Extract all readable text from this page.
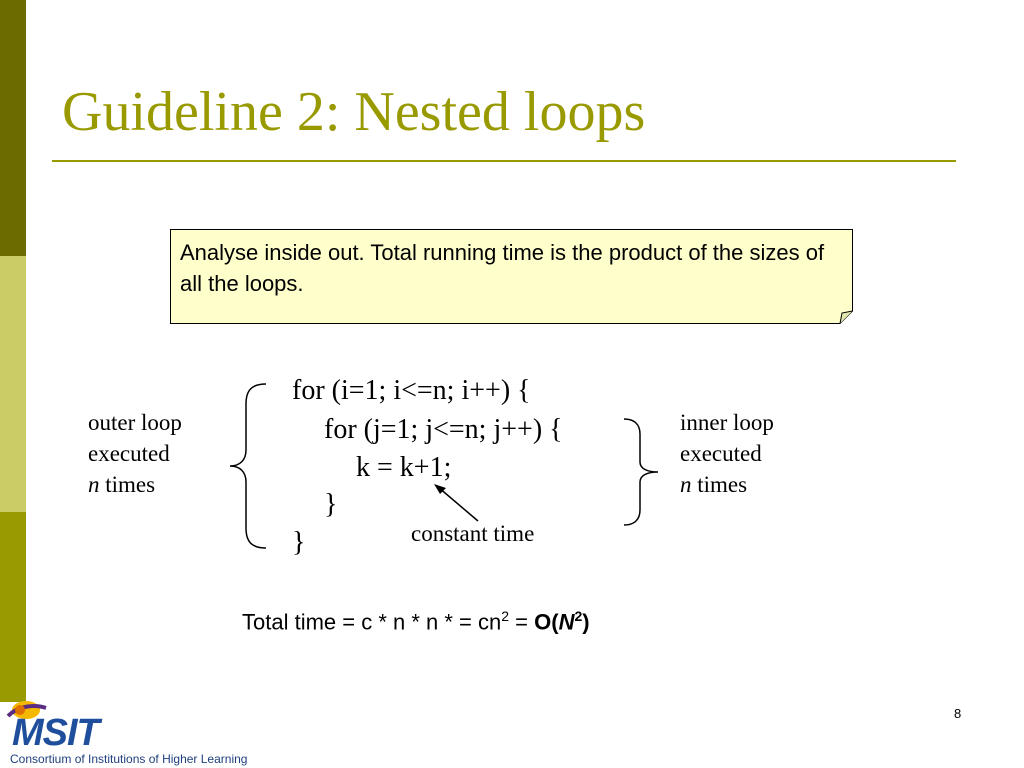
Guideline 2: Nested loops
Analyse inside out. Total running time is the product of the sizes of all the loops.
for (i=1; i<=n; i++) {
for (j=1; j<=n; j++) {
k = k+1;
}
}
outer loop
executed
n times
inner loop
executed
n times
constant time
Total time = c * n * n * = $cn^2 = O(N^2)$
8
MSIT
Consortium of Institutions of Higher Learning
